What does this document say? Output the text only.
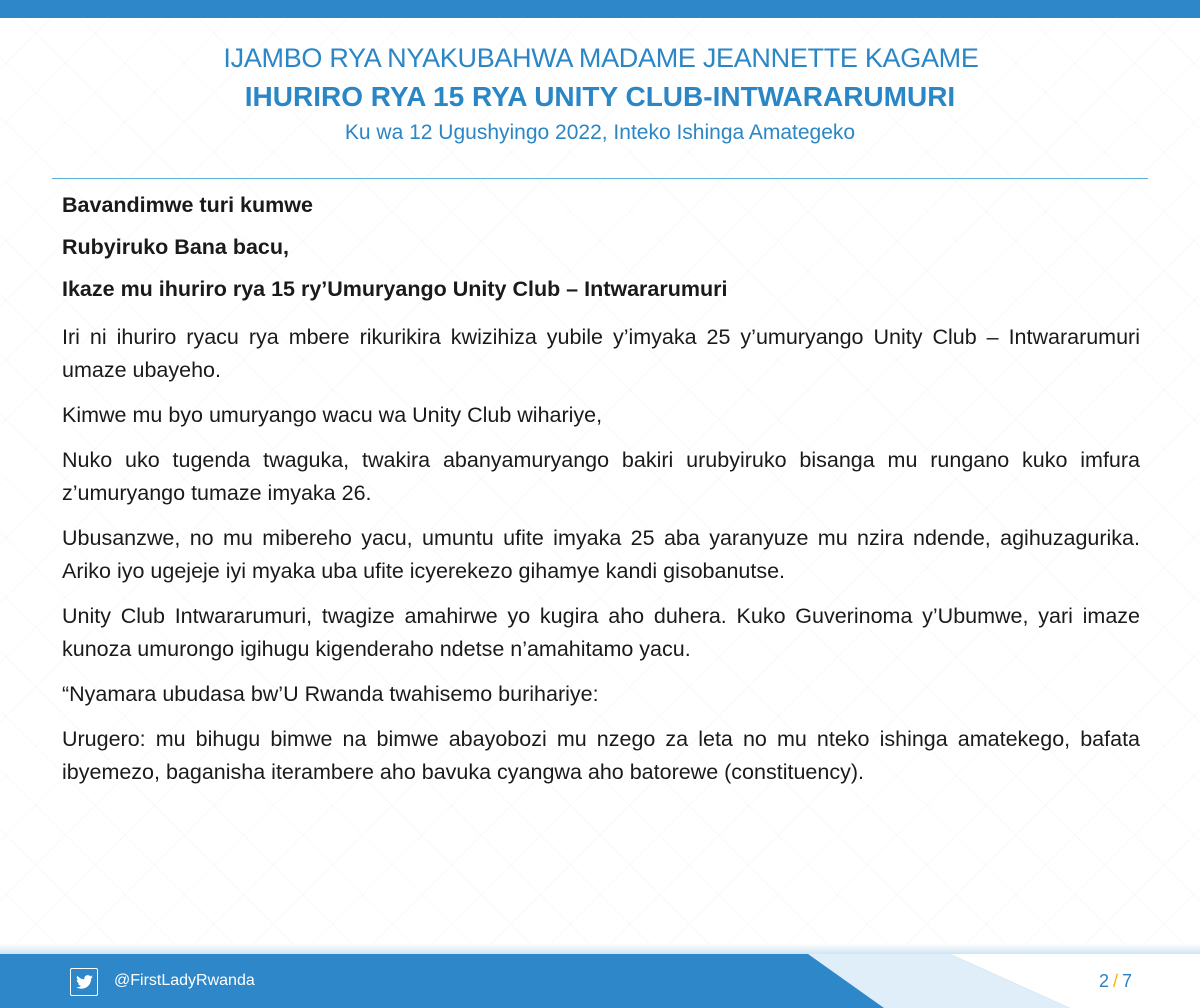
IJAMBO RYA NYAKUBAHWA MADAME JEANNETTE KAGAME
IHURIRO RYA 15 RYA UNITY CLUB-INTWARARUMURI
Ku wa 12 Ugushyingo 2022, Inteko Ishinga Amategeko
Bavandimwe turi kumwe
Rubyiruko Bana bacu,
Ikaze mu ihuriro rya 15 ry’Umuryango Unity Club – Intwararumuri

Iri ni ihuriro ryacu rya mbere rikurikira kwizihiza yubile y’imyaka 25 y’umuryango Unity Club – Intwararumuri umaze ubayeho.

Kimwe mu byo umuryango wacu wa Unity Club wihariye,

Nuko uko tugenda twaguka, twakira abanyamuryango bakiri urubyiruko bisanga mu rungano kuko imfura z’umuryango tumaze imyaka 26.

Ubusanzwe, no mu mibereho yacu, umuntu ufite imyaka 25 aba yaranyuze mu nzira ndende, agihuzagurika. Ariko iyo ugejeje iyi myaka uba ufite icyerekezo gihamye kandi gisobanutse.

Unity Club Intwararumuri, twagize amahirwe yo kugira aho duhera. Kuko Guverinoma y’Ubumwe, yari imaze kunoza umurongo igihugu kigenderaho ndetse n’amahitamo yacu.

“Nyamara ubudasa bw’U Rwanda twahisemo burihariye:

Urugero: mu bihugu bimwe na bimwe abayobozi mu nzego za leta no mu nteko ishinga amatekego, bafata ibyemezo, baganisha iterambere aho bavuka cyangwa aho batorewe (constituency).

@FirstLadyRwanda	2 / 7
